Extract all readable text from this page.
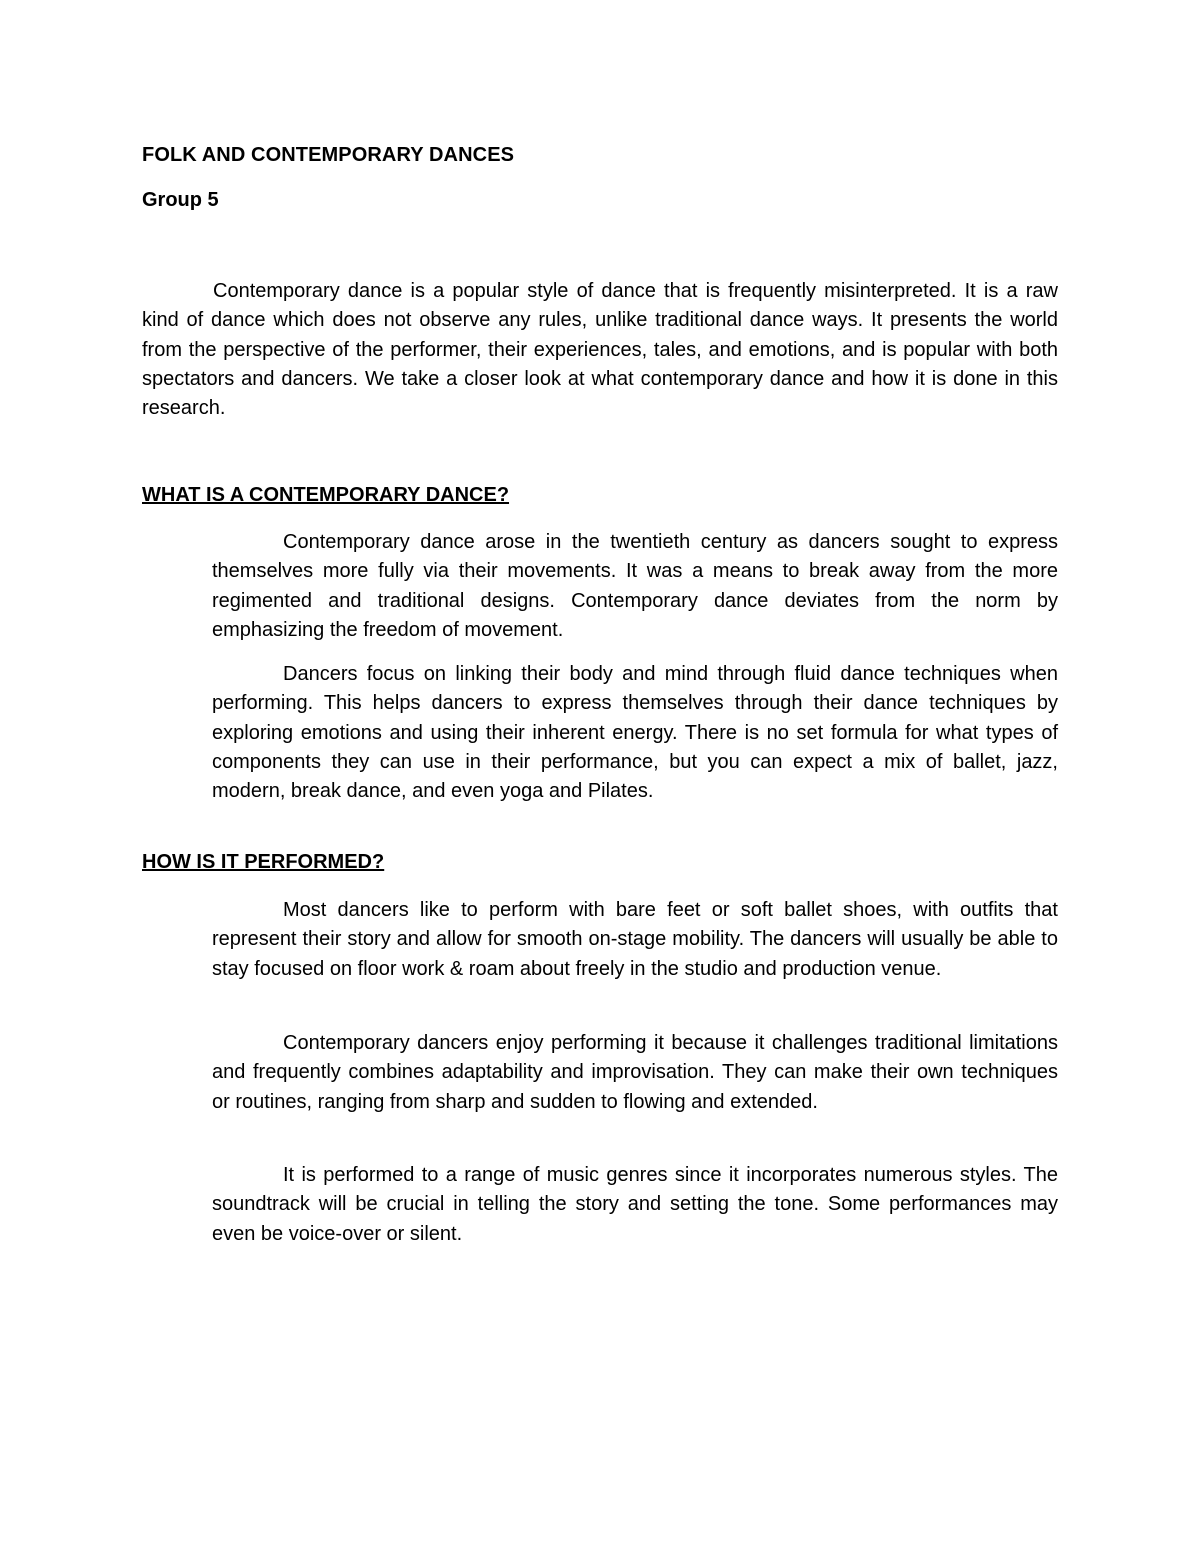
FOLK AND CONTEMPORARY DANCES
Group 5

Contemporary dance is a popular style of dance that is frequently misinterpreted. It is a raw kind of dance which does not observe any rules, unlike traditional dance ways. It presents the world from the perspective of the performer, their experiences, tales, and emotions, and is popular with both spectators and dancers. We take a closer look at what contemporary dance and how it is done in this research.

WHAT IS A CONTEMPORARY DANCE?

Contemporary dance arose in the twentieth century as dancers sought to express themselves more fully via their movements. It was a means to break away from the more regimented and traditional designs. Contemporary dance deviates from the norm by emphasizing the freedom of movement.

Dancers focus on linking their body and mind through fluid dance techniques when performing. This helps dancers to express themselves through their dance techniques by exploring emotions and using their inherent energy. There is no set formula for what types of components they can use in their performance, but you can expect a mix of ballet, jazz, modern, break dance, and even yoga and Pilates.

HOW IS IT PERFORMED?

Most dancers like to perform with bare feet or soft ballet shoes, with outfits that represent their story and allow for smooth on-stage mobility. The dancers will usually be able to stay focused on floor work & roam about freely in the studio and production venue.

Contemporary dancers enjoy performing it because it challenges traditional limitations and frequently combines adaptability and improvisation. They can make their own techniques or routines, ranging from sharp and sudden to flowing and extended.

It is performed to a range of music genres since it incorporates numerous styles. The soundtrack will be crucial in telling the story and setting the tone. Some performances may even be voice-over or silent.
